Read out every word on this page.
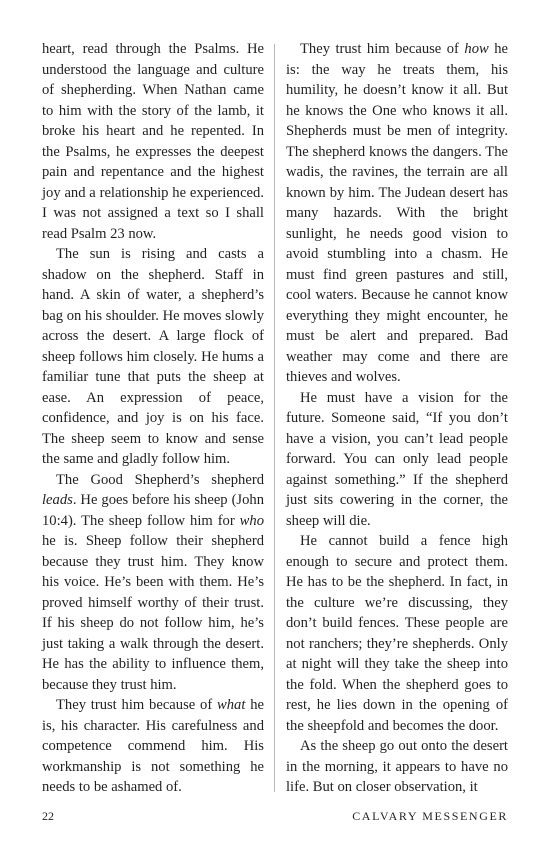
heart, read through the Psalms. He understood the language and culture of shepherding. When Nathan came to him with the story of the lamb, it broke his heart and he repented. In the Psalms, he expresses the deepest pain and repentance and the highest joy and a relationship he experienced. I was not assigned a text so I shall read Psalm 23 now.

The sun is rising and casts a shadow on the shepherd. Staff in hand. A skin of water, a shepherd’s bag on his shoulder. He moves slowly across the desert. A large flock of sheep follows him closely. He hums a familiar tune that puts the sheep at ease. An expression of peace, confidence, and joy is on his face. The sheep seem to know and sense the same and gladly follow him.

The Good Shepherd’s shepherd leads. He goes before his sheep (John 10:4). The sheep follow him for who he is. Sheep follow their shepherd because they trust him. They know his voice. He’s been with them. He’s proved himself worthy of their trust. If his sheep do not follow him, he’s just taking a walk through the desert. He has the ability to influence them, because they trust him.

They trust him because of what he is, his character. His carefulness and competence commend him. His workmanship is not something he needs to be ashamed of.

They trust him because of how he is: the way he treats them, his humility, he doesn’t know it all. But he knows the One who knows it all. Shepherds must be men of integrity. The shepherd knows the dangers. The wadis, the ravines, the terrain are all known by him. The Judean desert has many hazards. With the bright sunlight, he needs good vision to avoid stumbling into a chasm. He must find green pastures and still, cool waters. Because he cannot know everything they might encounter, he must be alert and prepared. Bad weather may come and there are thieves and wolves.

He must have a vision for the future. Someone said, “If you don’t have a vision, you can’t lead people forward. You can only lead people against something.” If the shepherd just sits cowering in the corner, the sheep will die.

He cannot build a fence high enough to secure and protect them. He has to be the shepherd. In fact, in the culture we’re discussing, they don’t build fences. These people are not ranchers; they’re shepherds. Only at night will they take the sheep into the fold. When the shepherd goes to rest, he lies down in the opening of the sheepfold and becomes the door.

As the sheep go out onto the desert in the morning, it appears to have no life. But on closer observation, it

22	CALVARY MESSENGER
